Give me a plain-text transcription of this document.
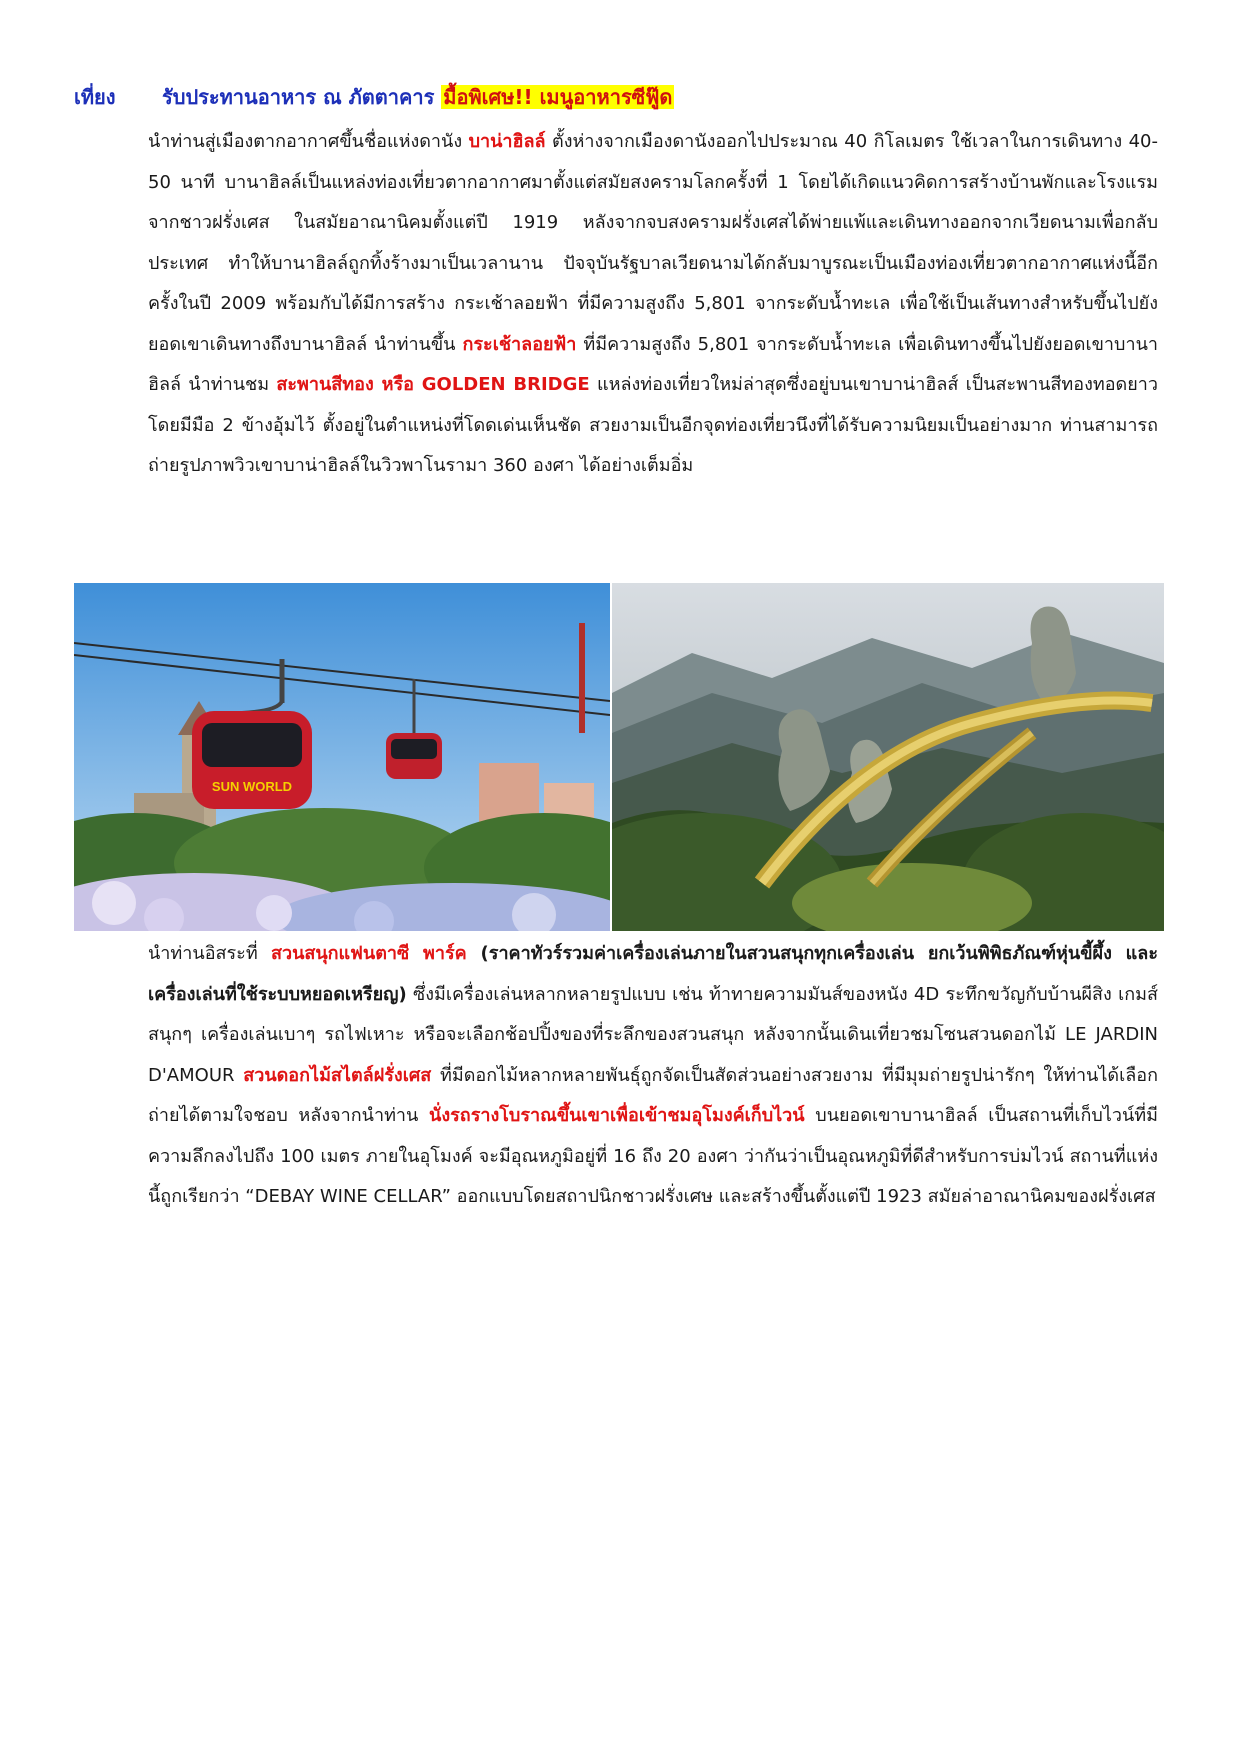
เที่ยง รับประทานอาหาร ณ ภัตตาคาร มื้อพิเศษ!! เมนูอาหารซีฟู๊ด

นำท่านสู่เมืองตากอากาศขึ้นชื่อแห่งดานัง บาน่าฮิลล์ ตั้งห่างจากเมืองดานังออกไปประมาณ 40 กิโลเมตร ใช้เวลาในการเดินทาง 40-50 นาที บานาฮิลล์เป็นแหล่งท่องเที่ยวตากอากาศมาตั้งแต่สมัยสงครามโลกครั้งที่ 1 โดยได้เกิดแนวคิดการสร้างบ้านพักและโรงแรมจากชาวฝรั่งเศส ในสมัยอาณานิคมตั้งแต่ปี 1919 หลังจากจบสงครามฝรั่งเศสได้พ่ายแพ้และเดินทางออกจากเวียดนามเพื่อกลับประเทศ ทำให้บานาฮิลล์ถูกทิ้งร้างมาเป็นเวลานาน ปัจจุบันรัฐบาลเวียดนามได้กลับมาบูรณะเป็นเมืองท่องเที่ยวตากอากาศแห่งนี้อีกครั้งในปี 2009 พร้อมกับได้มีการสร้าง กระเช้าลอยฟ้า ที่มีความสูงถึง 5,801 จากระดับน้ำทะเล เพื่อใช้เป็นเส้นทางสำหรับขึ้นไปยังยอดเขาเดินทางถึงบานาฮิลล์ นำท่านขึ้น กระเช้าลอยฟ้า ที่มีความสูงถึง 5,801 จากระดับน้ำทะเล เพื่อเดินทางขึ้นไปยังยอดเขาบานาฮิลล์ นำท่านชม สะพานสีทอง หรือ GOLDEN BRIDGE แหล่งท่องเที่ยวใหม่ล่าสุดซึ่งอยู่บนเขาบาน่าฮิลส์ เป็นสะพานสีทองทอดยาวโดยมีมือ 2 ข้างอุ้มไว้ ตั้งอยู่ในตำแหน่งที่โดดเด่นเห็นชัด สวยงามเป็นอีกจุดท่องเที่ยวนึงที่ได้รับความนิยมเป็นอย่างมาก ท่านสามารถถ่ายรูปภาพวิวเขาบาน่าฮิลล์ในวิวพาโนรามา 360 องศา ได้อย่างเต็มอิ่ม

SUN WORLD

นำท่านอิสระที่ สวนสนุกแฟนตาซี พาร์ค (ราคาทัวร์รวมค่าเครื่องเล่นภายในสวนสนุกทุกเครื่องเล่น ยกเว้นพิพิธภัณฑ์หุ่นขี้ผึ้ง และเครื่องเล่นที่ใช้ระบบหยอดเหรียญ) ซึ่งมีเครื่องเล่นหลากหลายรูปแบบ เช่น ท้าทายความมันส์ของหนัง 4D ระทึกขวัญกับบ้านผีสิง เกมส์สนุกๆ เครื่องเล่นเบาๆ รถไฟเหาะ หรือจะเลือกช้อปปิ้งของที่ระลึกของสวนสนุก หลังจากนั้นเดินเที่ยวชมโซนสวนดอกไม้ LE JARDIN D'AMOUR สวนดอกไม้สไตล์ฝรั่งเศส ที่มีดอกไม้หลากหลายพันธุ์ถูกจัดเป็นสัดส่วนอย่างสวยงาม ที่มีมุมถ่ายรูปน่ารักๆ ให้ท่านได้เลือกถ่ายได้ตามใจชอบ หลังจากนำท่าน นั่งรถรางโบราณขึ้นเขาเพื่อเข้าชมอุโมงค์เก็บไวน์ บนยอดเขาบานาฮิลล์ เป็นสถานที่เก็บไวน์ที่มีความลึกลงไปถึง 100 เมตร ภายในอุโมงค์ จะมีอุณหภูมิอยู่ที่ 16 ถึง 20 องศา ว่ากันว่าเป็นอุณหภูมิที่ดีสำหรับการบ่มไวน์ สถานที่แห่งนี้ถูกเรียกว่า “DEBAY WINE CELLAR” ออกแบบโดยสถาปนิกชาวฝรั่งเศษ และสร้างขึ้นตั้งแต่ปี 1923 สมัยล่าอาณานิคมของฝรั่งเศส
